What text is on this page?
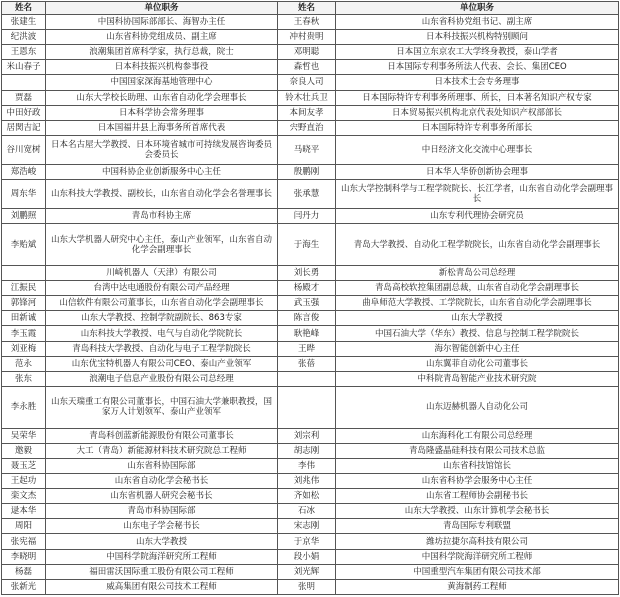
姓名	单位职务	姓名	单位职务
张建生	中国科协国际部部长、海智办主任	王春秋	山东省科协党组书记、副主席
纪洪波	山东省科协党组成员、副主席	冲村贵明	日本科技振兴机构特别顾问
王恩东	浪潮集团首席科学家，执行总裁，院士	邓明聪	日本国立东京农工大学终身教授，泰山学者
米山春子	日本科技振兴机构参事役	森哲也	日本国际专利事务所法人代表、会长、集团CEO
	中国国家深海基地管理中心	奈良人司	日本技术士会专务理事
贾磊	山东大学校长助理、山东省自动化学会理事长	铃木壮兵卫	日本国际特许专利事务所理事、所长，日本著名知识产权专家
中田好政	日本科学协会常务理事	本间友孝	日本贸易振兴机构北京代表处知识产权部部长
居関吉記	日本国福井县上海事务所首席代表	宍野直治	日本国际特许专利事务所部长
谷川宽树	日本名古屋大学教授、日本环境省城市可持续发展咨询委员会委员长	马晓平	中日经济文化交流中心理事长
郑浩峻	中国科协企业创新服务中心主任	殷鹏刚	日本华人华侨创新协会理事
周东华	山东科技大学教授、副校长，山东省自动化学会名誉理事长	张承慧	山东大学控制科学与工程学院院长、长江学者，山东省自动化学会副理事长
刘鹏照	青岛市科协主席	闫丹力	山东专利代理协会研究员
李贻斌	山东大学机器人研究中心主任，泰山产业领军，山东省自动化学会副理事长	于海生	青岛大学教授、自动化工程学院院长，山东省自动化学会副理事长
	川崎机器人（天津）有限公司	刘长勇	新松青岛公司总经理
江振民	台湾中达电通股份有限公司产品经理	杨殿才	青岛高校软控集团副总裁，山东省自动化学会副理事长
郭锋河	山信软件有限公司董事长，山东省自动化学会副理事长	武玉强	曲阜师范大学教授、工学院院长，山东省自动化学会副理事长
田新诚	山东大学教授、控制学院副院长、863专家	陈言俊	山东大学教授
李玉霞	山东科技大学教授、电气与自动化学院院长	耿艳峰	中国石油大学（华东）教授、信息与控制工程学院院长
刘亚梅	青岛科技大学教授、自动化与电子工程学院院长	王晔	海尔智能创新中心主任
范永	山东优宝特机器人有限公司CEO、泰山产业领军	张蓓	山东翼菲自动化公司董事长
张东	浪潮电子信息产业股份有限公司总经理		中科院青岛智能产业技术研究院
李永胜	山东天瑞重工有限公司董事长，中国石油大学兼职教授，国家万人计划领军、泰山产业领军		山东迈赫机器人自动化公司
吴荣华	青岛科创蓝新能源股份有限公司董事长	刘宗利	山东海科化工有限公司总经理
邀毅	大工（青岛）新能源材料技术研究院总工程师	胡志刚	青岛隆盛晶硅科技有限公司技术总监
聂玉芝	山东省科协国际部	李伟	山东省科技馆馆长
王起功	山东省自动化学会秘书长	刘兆伟	山东省科协学会服务中心主任
栾文杰	山东省机器人研究会秘书长	齐如松	山东省工程师协会副秘书长
逯本华	青岛市科协国际部	石冰	山东大学教授、山东计算机学会秘书长
周阳	山东电子学会秘书长	宋志刚	青岛国际专利联盟
张宪福	山东大学教授	于京华	潍坊拉捷尔高科技有限公司
李晓明	中国科学院海洋研究所工程师	段小娟	中国科学院海洋研究所工程师
杨磊	福田雷沃国际重工股份有限公司工程师	刘光辉	中国重型汽车集团有限公司技术部
张新光	威高集团有限公司技术工程师	张明	黄海制药工程师
